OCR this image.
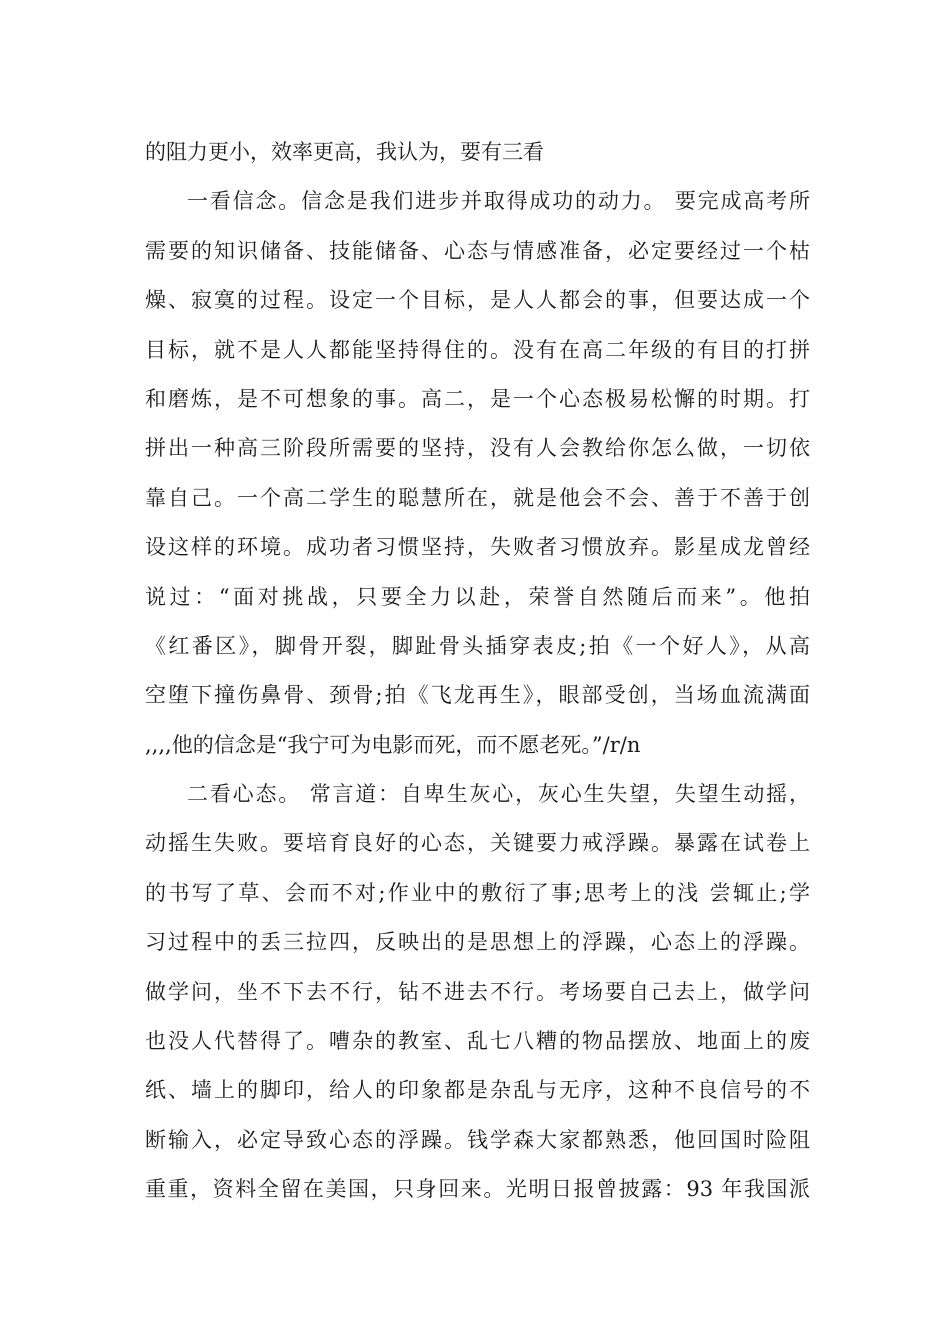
的阻力更小，效率更高，我认为，要有三看
一看信念。信念是我们进步并取得成功的动力。 要完成高考所
需要的知识储备、技能储备、心态与情感准备，必定要经过一个枯
燥、寂寞的过程。设定一个目标，是人人都会的事，但要达成一个
目标，就不是人人都能坚持得住的。没有在高二年级的有目的打拼
和磨炼，是不可想象的事。高二，是一个心态极易松懈的时期。打
拼出一种高三阶段所需要的坚持，没有人会教给你怎么做，一切依
靠自己。一个高二学生的聪慧所在，就是他会不会、善于不善于创
设这样的环境。成功者习惯坚持，失败者习惯放弃。影星成龙曾经
说过：“面对挑战，只要全力以赴，荣誉自然随后而来”。他拍
《红番区》，脚骨开裂，脚趾骨头插穿表皮;拍《一个好人》，从高
空堕下撞伤鼻骨、颈骨;拍《飞龙再生》，眼部受创，当场血流满面
,,,,他的信念是“我宁可为电影而死，而不愿老死。”/r/n
二看心态。 常言道：自卑生灰心，灰心生失望，失望生动摇，
动摇生失败。要培育良好的心态，关键要力戒浮躁。暴露在试卷上
的书写了草、会而不对;作业中的敷衍了事;思考上的浅 尝辄止;学
习过程中的丢三拉四，反映出的是思想上的浮躁，心态上的浮躁。
做学问，坐不下去不行，钻不进去不行。考场要自己去上，做学问
也没人代替得了。嘈杂的教室、乱七八糟的物品摆放、地面上的废
纸、墙上的脚印，给人的印象都是杂乱与无序，这种不良信号的不
断输入，必定导致心态的浮躁。钱学森大家都熟悉，他回国时险阻
重重，资料全留在美国，只身回来。光明日报曾披露：93 年我国派
